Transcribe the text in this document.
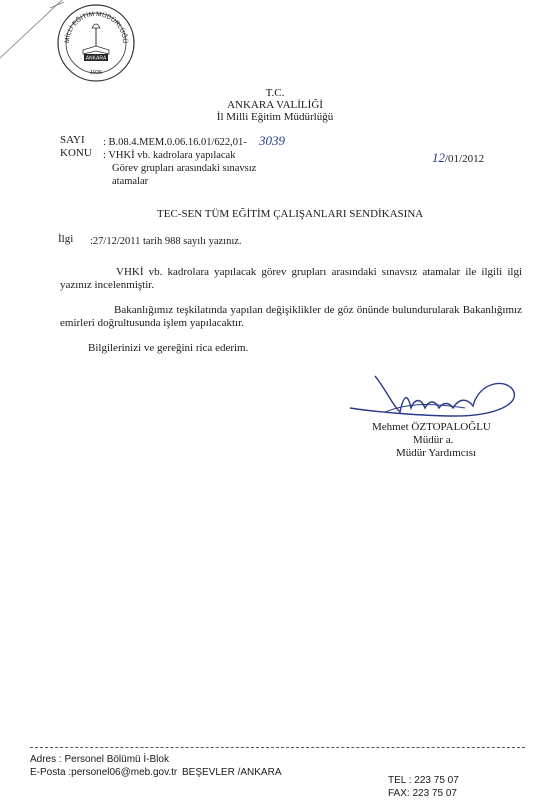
MİLLİ EĞİTİM MÜDÜRLÜĞÜ
ANKARA
1926
T.C.
ANKARA VALİLİĞİ
İl Milli Eğitim Müdürlüğü
SAYI : B.08.4.MEM.0.06.16.01/622,01- 3039
KONU : VHKİ vb. kadrolara yapılacak
Görev grupları arasındaki sınavsız
atamalar
12/01/2012
TEC-SEN TÜM EĞİTİM ÇALIŞANLARI SENDİKASINA
İlgi :27/12/2011 tarih 988 sayılı yazınız.
VHKİ vb. kadrolara yapılacak görev grupları arasındaki sınavsız atamalar ile ilgili ilgi yazınız incelenmiştir.
Bakanlığımız teşkilatında yapılan değişiklikler de göz önünde bulundurularak Bakanlığımız emirleri doğrultusunda işlem yapılacaktır.
Bilgilerinizi ve gereğini rica ederim.
Mehmet ÖZTOPALOĞLU
Müdür a.
Müdür Yardımcısı
Adres : Personel Bölümü İ-Blok
BEŞEVLER /ANKARA
E-Posta :personel06@meb.gov.tr
TEL : 223 75 07
FAX: 223 75 07
